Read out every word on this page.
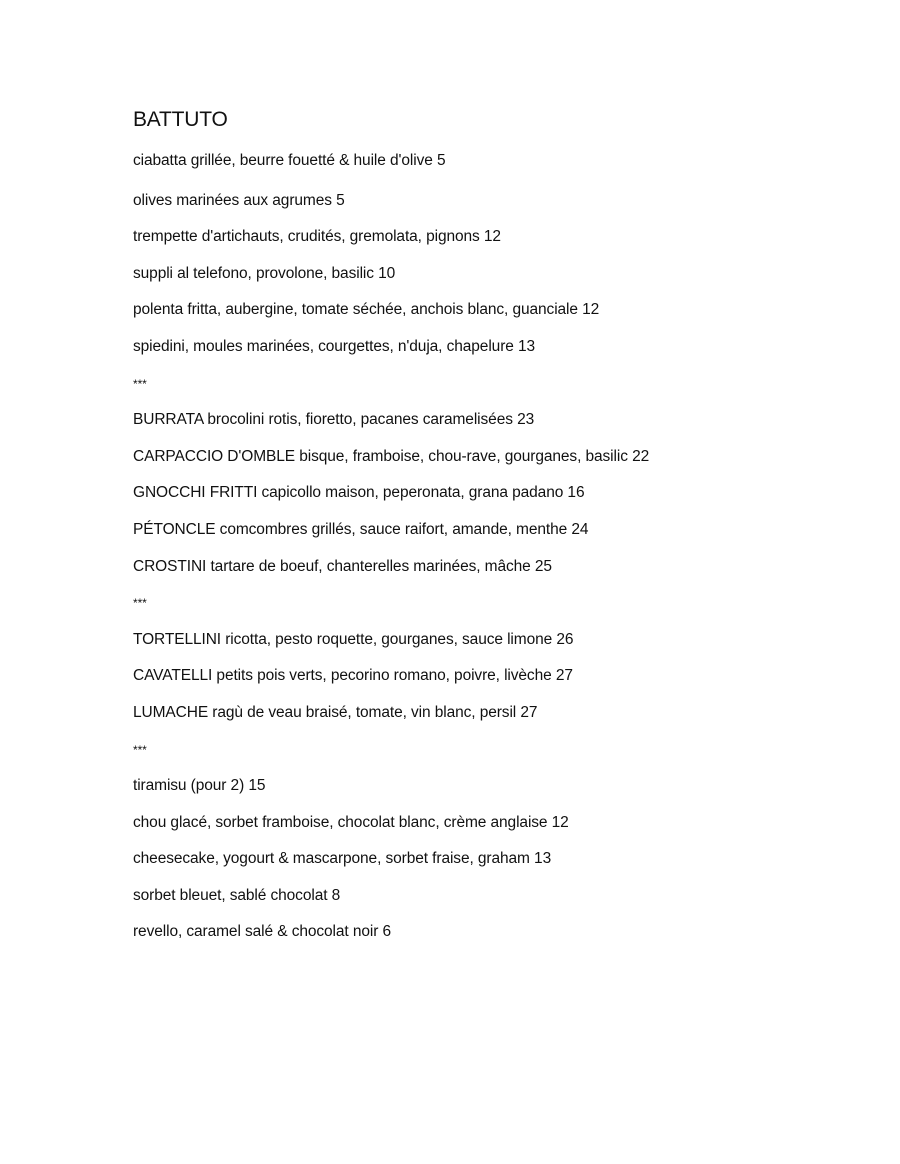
BATTUTO
ciabatta grillée, beurre fouetté & huile d'olive 5
olives marinées aux agrumes 5
trempette d'artichauts, crudités, gremolata, pignons 12
suppli al telefono, provolone, basilic 10
polenta fritta, aubergine, tomate séchée, anchois blanc, guanciale 12
spiedini, moules marinées, courgettes, n'duja, chapelure 13
***
BURRATA brocolini rotis, fioretto, pacanes caramelisées 23
CARPACCIO D'OMBLE bisque, framboise, chou-rave, gourganes, basilic 22
GNOCCHI FRITTI capicollo maison, peperonata, grana padano 16
PÉTONCLE comcombres grillés, sauce raifort, amande, menthe 24
CROSTINI tartare de boeuf, chanterelles marinées, mâche 25
***
TORTELLINI ricotta, pesto roquette, gourganes, sauce limone 26
CAVATELLI petits pois verts, pecorino romano, poivre, livèche 27
LUMACHE ragù de veau braisé, tomate, vin blanc, persil 27
***
tiramisu (pour 2) 15
chou glacé, sorbet framboise, chocolat blanc, crème anglaise 12
cheesecake, yogourt & mascarpone, sorbet fraise, graham 13
sorbet bleuet, sablé chocolat 8
revello, caramel salé & chocolat noir 6
